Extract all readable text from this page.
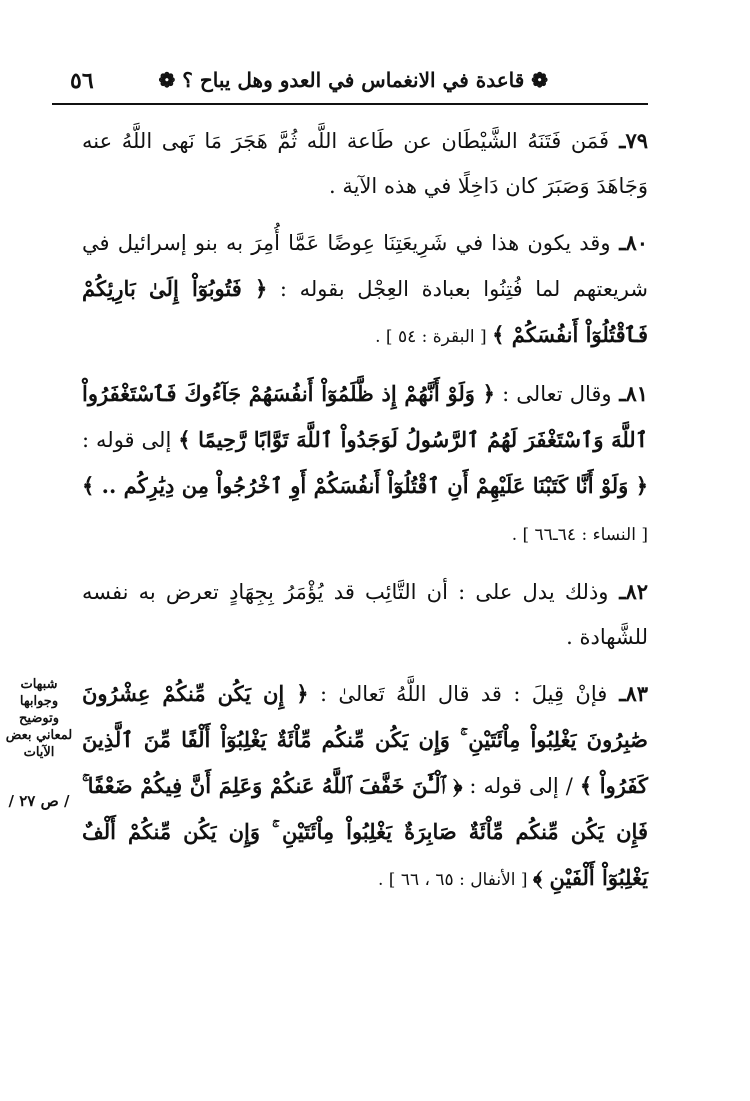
❁ قاعدة في الانغماس في العدو وهل يباح ؟ ❁
٥٦

٧٩ـ فَمَن فَتَنَهُ الشَّيْطَان عن طَاعة اللَّه ثُمَّ هَجَرَ مَا نَهى اللَّهُ عنه وَجَاهَدَ وَصَبَرَ كان دَاخِلًا في هذه الآية .

٨٠ـ وقد يكون هذا في شَرِيعَتِنَا عِوضًا عَمَّا أُمِرَ به بنو إسرائيل في شريعتهم لما فُتِنُوا بعبادة العِجْل بقوله : ﴿ فَتُوبُوٓاْ إِلَىٰ بَارِئِكُمْ فَٱقْتُلُوٓاْ أَنفُسَكُمْ ﴾ [ البقرة : ٥٤ ] .

٨١ـ وقال تعالى : ﴿ وَلَوْ أَنَّهُمْ إِذ ظَّلَمُوٓاْ أَنفُسَهُمْ جَآءُوكَ فَٱسْتَغْفَرُواْ ٱللَّهَ وَٱسْتَغْفَرَ لَهُمُ ٱلرَّسُولُ لَوَجَدُواْ ٱللَّهَ تَوَّابًا رَّحِيمًا ﴾ إلى قوله : ﴿ وَلَوْ أَنَّا كَتَبْنَا عَلَيْهِمْ أَنِ ٱقْتُلُوٓاْ أَنفُسَكُمْ أَوِ ٱخْرُجُواْ مِن دِيَٰرِكُم .. ﴾ [ النساء : ٦٤ـ٦٦ ] .

٨٢ـ وذلك يدل على : أن التَّائِب قد يُؤْمَرُ بِجِهَادٍ تعرض به نفسه للشَّهادة .

٨٣ـ فإنْ قِيلَ : قد قال اللَّهُ تَعالىٰ : ﴿ إِن يَكُن مِّنكُمْ عِشْرُونَ صَٰبِرُونَ يَغْلِبُواْ مِاْئَتَيْنِ ۚ وَإِن يَكُن مِّنكُم مِّاْئَةٌ يَغْلِبُوٓاْ أَلْفًا مِّنَ ٱلَّذِينَ كَفَرُواْ ﴾ / إلى قوله : ﴿ ٱلْـَٰٔنَ خَفَّفَ ٱللَّهُ عَنكُمْ وَعَلِمَ أَنَّ فِيكُمْ ضَعْفًا ۚ فَإِن يَكُن مِّنكُم مِّاْئَةٌ صَابِرَةٌ يَغْلِبُواْ مِاْئَتَيْنِ ۚ وَإِن يَكُن مِّنكُمْ أَلْفٌ يَغْلِبُوٓاْ أَلْفَيْنِ ﴾ [ الأنفال : ٦٥ ، ٦٦ ] .

شبهات وجوابها وتوضيح لمعاني بعض الآيات
/ ص ٢٧ /
